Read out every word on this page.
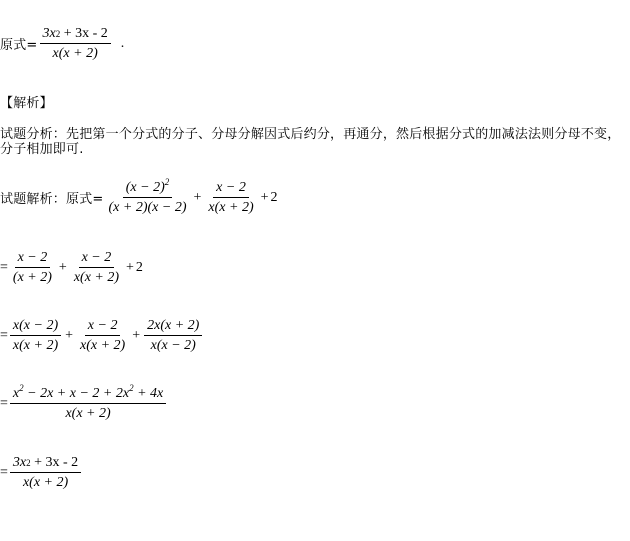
原式= $\frac{3x 2 + 3x - 2}{x(x + 2)}$ .
【解析】
试题分析：先把第一个分式的分子、分母分解因式后约分，再通分，然后根据分式的加减法法则分母不变，分子相加即可.
试题解析： 原式= $\frac{(x - 2)^2}{(x + 2)(x - 2)} + \frac{x - 2}{x(x + 2)} + 2$
= $\frac{x - 2}{(x + 2)} + \frac{x - 2}{x(x + 2)} + 2$
= $\frac{x(x - 2)}{x(x + 2)} + \frac{x - 2}{x(x + 2)} + \frac{2x(x + 2)}{x(x - 2)}$
= $\frac{x^2 - 2x + x - 2 + 2x^2 + 4x}{x(x + 2)}$
= $\frac{3x 2 + 3x - 2}{x(x + 2)}$
